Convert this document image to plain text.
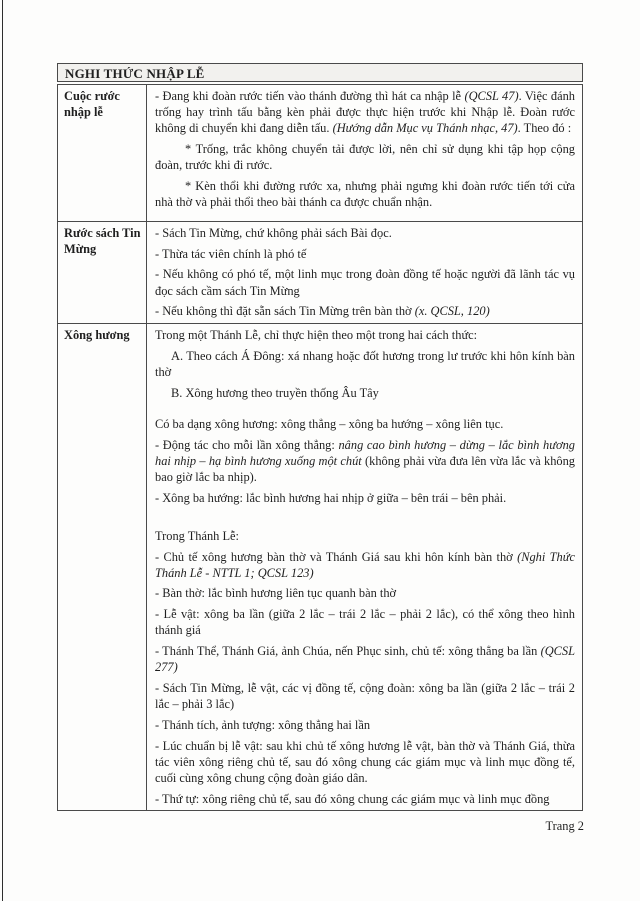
NGHI THỨC NHẬP LỄ
Cuộc rước nhập lễ

- Đang khi đoàn rước tiến vào thánh đường thì hát ca nhập lễ (QCSL 47). Việc đánh trống hay trình tấu bằng kèn phải được thực hiện trước khi Nhập lễ. Đoàn rước không di chuyển khi đang diễn tấu. (Hướng dẫn Mục vụ Thánh nhạc, 47). Theo đó :

* Trống, trắc không chuyển tải được lời, nên chỉ sử dụng khi tập họp cộng đoàn, trước khi đi rước.

* Kèn thổi khi đường rước xa, nhưng phải ngưng khi đoàn rước tiến tới cửa nhà thờ và phải thổi theo bài thánh ca được chuẩn nhận.

Rước sách Tin Mừng

- Sách Tin Mừng, chứ không phải sách Bài đọc.

- Thừa tác viên chính là phó tế

- Nếu không có phó tế, một linh mục trong đoàn đồng tế hoặc người đã lãnh tác vụ đọc sách cầm sách Tin Mừng

- Nếu không thì đặt sẵn sách Tin Mừng trên bàn thờ (x. QCSL, 120)

Xông hương	Trong một Thánh Lễ, chỉ thực hiện theo một trong hai cách thức:

A. Theo cách Á Đông: xá nhang hoặc đốt hương trong lư trước khi hôn kính bàn thờ

B. Xông hương theo truyền thống Âu Tây

Có ba dạng xông hương: xông thẳng – xông ba hướng – xông liên tục.

- Động tác cho mỗi lần xông thẳng: nâng cao bình hương – dừng – lắc bình hương hai nhịp – hạ bình hương xuống một chút (không phải vừa đưa lên vừa lắc và không bao giờ lắc ba nhịp).

- Xông ba hướng: lắc bình hương hai nhịp ở giữa – bên trái – bên phải.

Trong Thánh Lễ:

- Chủ tế xông hương bàn thờ và Thánh Giá sau khi hôn kính bàn thờ (Nghi Thức Thánh Lễ - NTTL 1; QCSL 123)

- Bàn thờ: lắc bình hương liên tục quanh bàn thờ

- Lễ vật: xông ba lần (giữa 2 lắc – trái 2 lắc – phải 2 lắc), có thể xông theo hình thánh giá

- Thánh Thể, Thánh Giá, ảnh Chúa, nến Phục sinh, chủ tế: xông thẳng ba lần (QCSL 277)

- Sách Tin Mừng, lễ vật, các vị đồng tế, cộng đoàn: xông ba lần (giữa 2 lắc – trái 2 lắc – phải 3 lắc)

- Thánh tích, ảnh tượng: xông thẳng hai lần

- Lúc chuẩn bị lễ vật: sau khi chủ tế xông hương lễ vật, bàn thờ và Thánh Giá, thừa tác viên xông riêng chủ tế, sau đó xông chung các giám mục và linh mục đồng tế, cuối cùng xông chung cộng đoàn giáo dân.

- Thứ tự: xông riêng chủ tế, sau đó xông chung các giám mục và linh mục đồng

Trang 2
